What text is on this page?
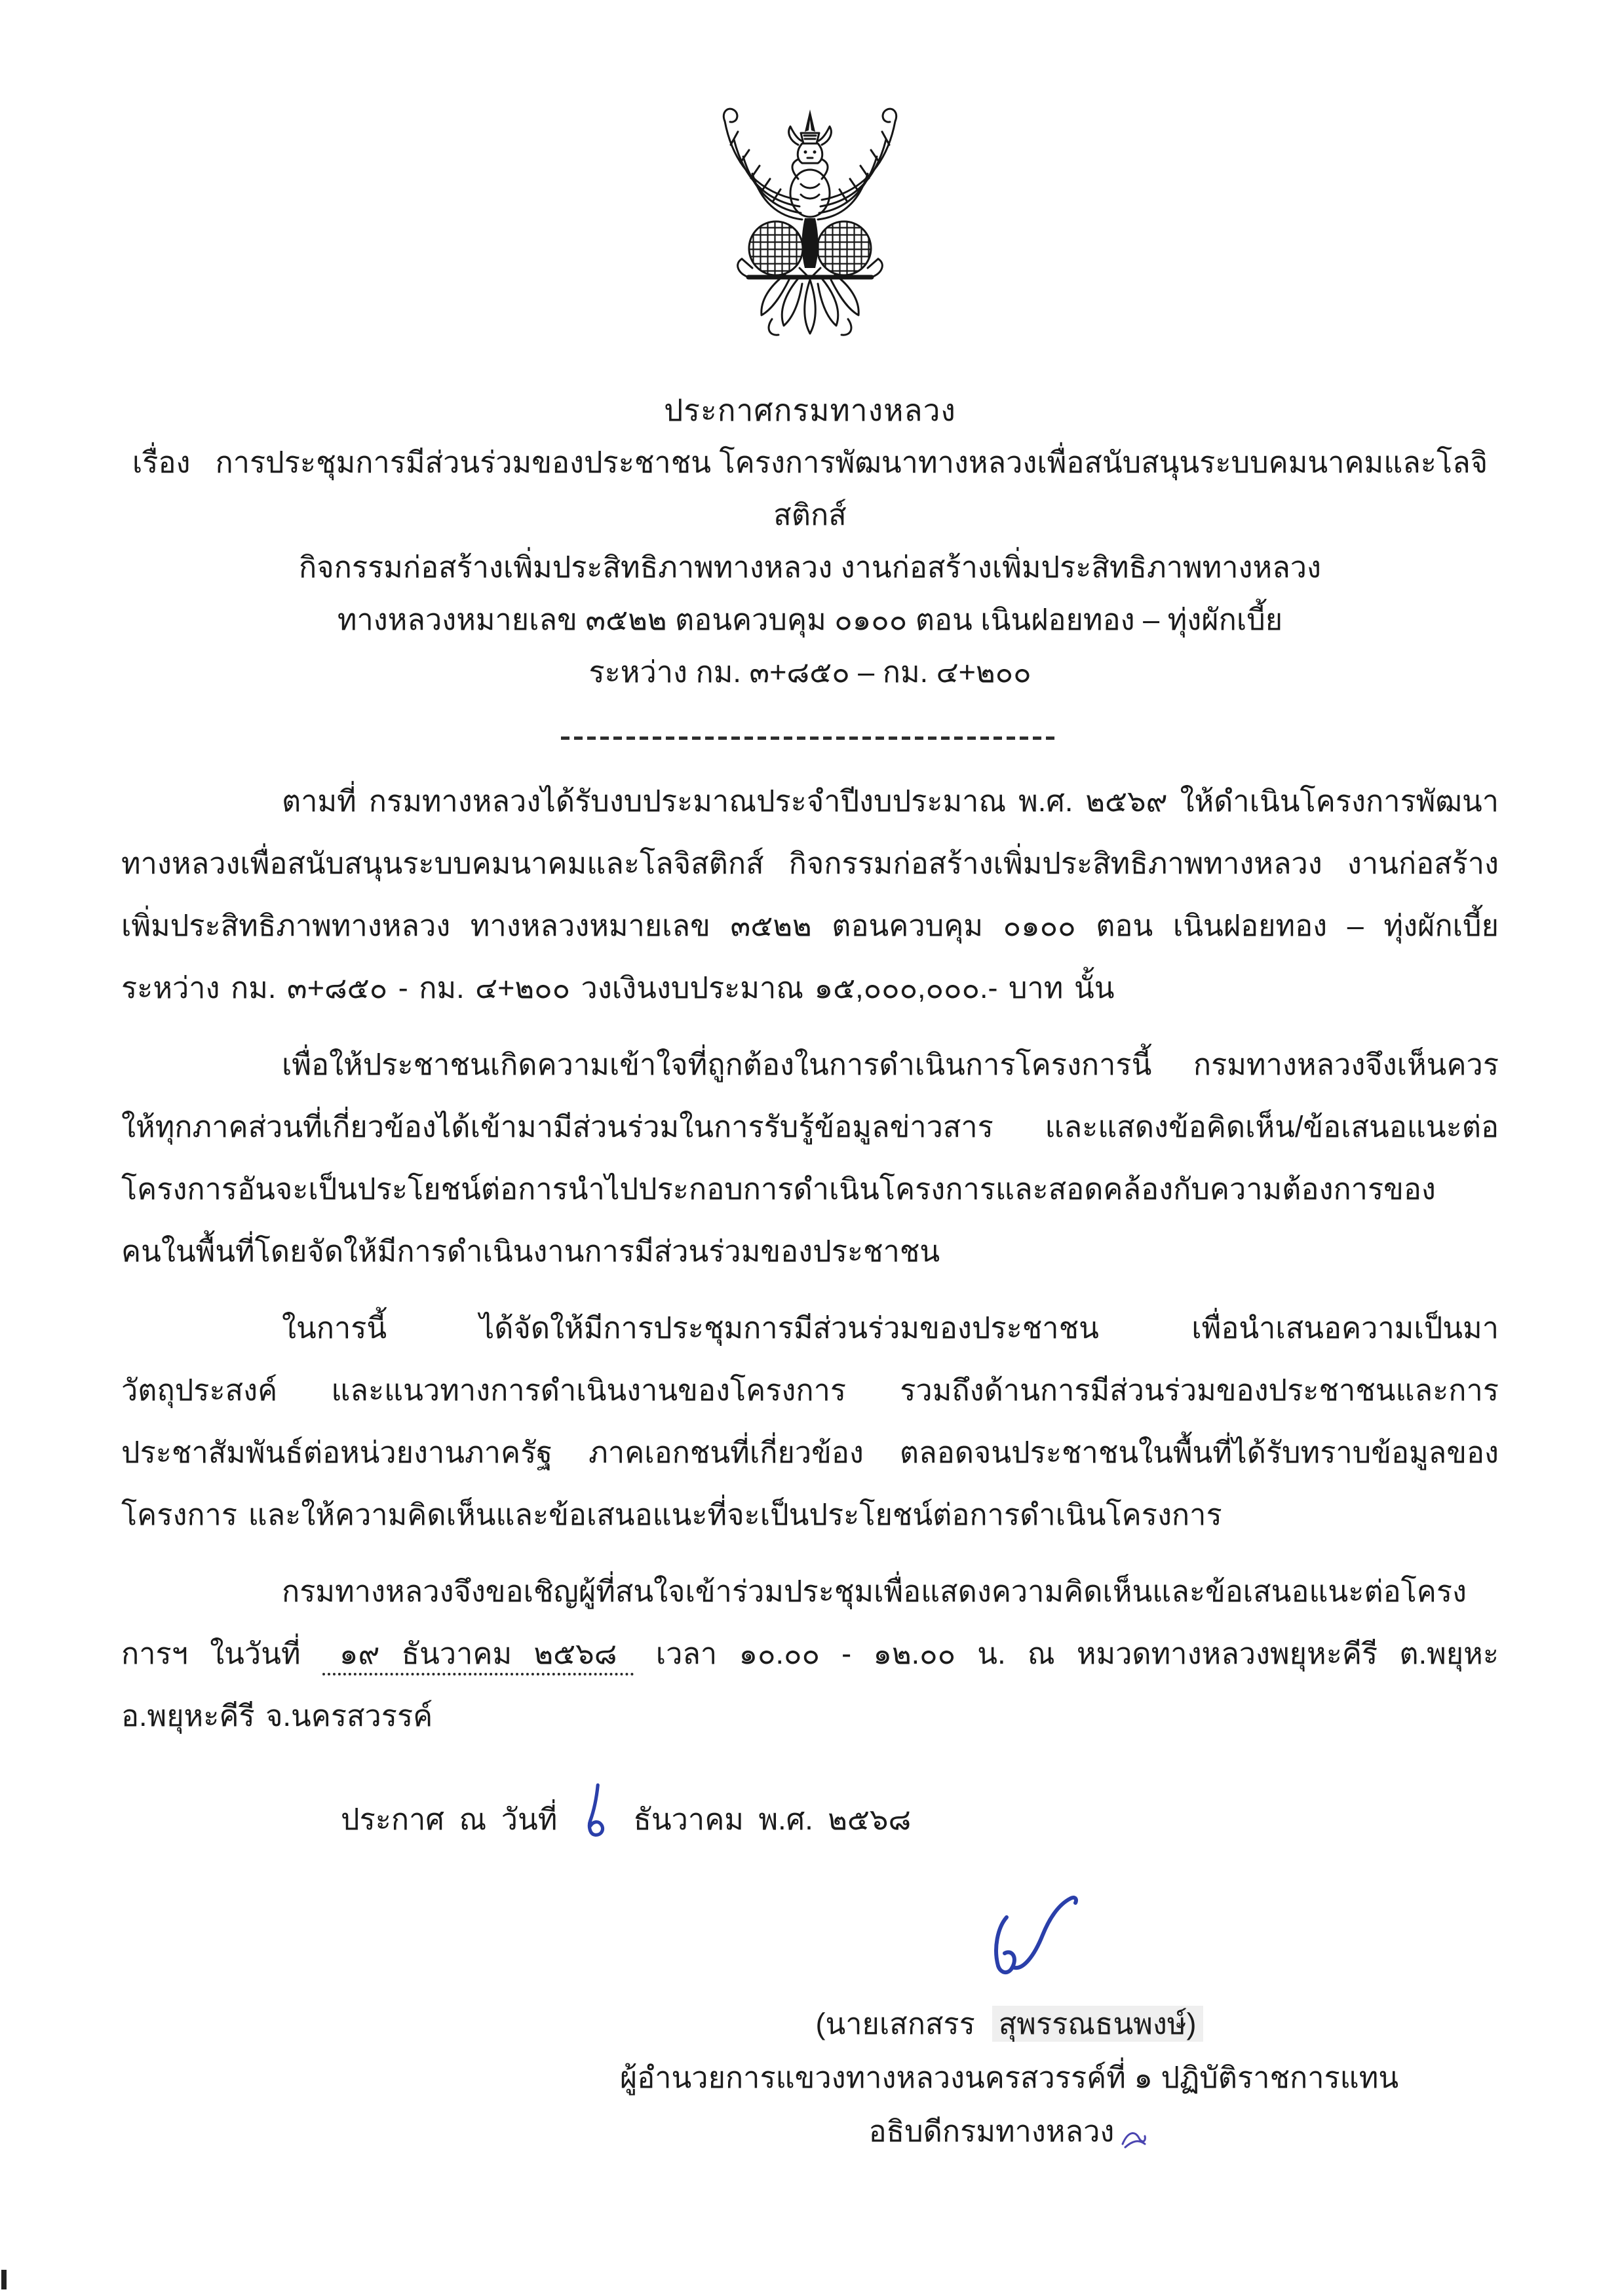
ประกาศกรมทางหลวง
เรื่อง การประชุมการมีส่วนร่วมของประชาชน โครงการพัฒนาทางหลวงเพื่อสนับสนุนระบบคมนาคมและโลจิสติกส์
กิจกรรมก่อสร้างเพิ่มประสิทธิภาพทางหลวง งานก่อสร้างเพิ่มประสิทธิภาพทางหลวง
ทางหลวงหมายเลข ๓๕๒๒ ตอนควบคุม ๐๑๐๐ ตอน เนินฝอยทอง – ทุ่งผักเบี้ย
ระหว่าง กม. ๓+๘๕๐ – กม. ๔+๒๐๐

ตามที่ กรมทางหลวงได้รับงบประมาณประจำปีงบประมาณ พ.ศ. ๒๕๖๙ ให้ดำเนินโครงการพัฒนาทางหลวงเพื่อสนับสนุนระบบคมนาคมและโลจิสติกส์ กิจกรรมก่อสร้างเพิ่มประสิทธิภาพทางหลวง งานก่อสร้างเพิ่มประสิทธิภาพทางหลวง ทางหลวงหมายเลข ๓๕๒๒ ตอนควบคุม ๐๑๐๐ ตอน เนินฝอยทอง – ทุ่งผักเบี้ย ระหว่าง กม. ๓+๘๕๐ - กม. ๔+๒๐๐ วงเงินงบประมาณ ๑๕,๐๐๐,๐๐๐.- บาท นั้น

เพื่อให้ประชาชนเกิดความเข้าใจที่ถูกต้องในการดำเนินการโครงการนี้ กรมทางหลวงจึงเห็นควรให้ทุกภาคส่วนที่เกี่ยวข้องได้เข้ามามีส่วนร่วมในการรับรู้ข้อมูลข่าวสาร และแสดงข้อคิดเห็น/ข้อเสนอแนะต่อโครงการอันจะเป็นประโยชน์ต่อการนำไปประกอบการดำเนินโครงการและสอดคล้องกับความต้องการของคนในพื้นที่โดยจัดให้มีการดำเนินงานการมีส่วนร่วมของประชาชน

ในการนี้ ได้จัดให้มีการประชุมการมีส่วนร่วมของประชาชน เพื่อนำเสนอความเป็นมา วัตถุประสงค์ และแนวทางการดำเนินงานของโครงการ รวมถึงด้านการมีส่วนร่วมของประชาชนและการประชาสัมพันธ์ต่อหน่วยงานภาครัฐ ภาคเอกชนที่เกี่ยวข้อง ตลอดจนประชาชนในพื้นที่ได้รับทราบข้อมูลของโครงการ และให้ความคิดเห็นและข้อเสนอแนะที่จะเป็นประโยชน์ต่อการดำเนินโครงการ

กรมทางหลวงจึงขอเชิญผู้ที่สนใจเข้าร่วมประชุมเพื่อแสดงความคิดเห็นและข้อเสนอแนะต่อโครงการฯ ในวันที่ ๑๙ ธันวาคม ๒๕๖๘ เวลา ๑๐.๐๐ - ๑๒.๐๐ น. ณ หมวดทางหลวงพยุหะคีรี ต.พยุหะ อ.พยุหะคีรี จ.นครสวรรค์

ประกาศ ณ วันที่	ธันวาคม พ.ศ. ๒๕๖๘
(นายเสกสรร สุพรรณธนพงษ์)
ผู้อำนวยการแขวงทางหลวงนครสวรรค์ที่ ๑ ปฏิบัติราชการแทน
อธิบดีกรมทางหลวง
